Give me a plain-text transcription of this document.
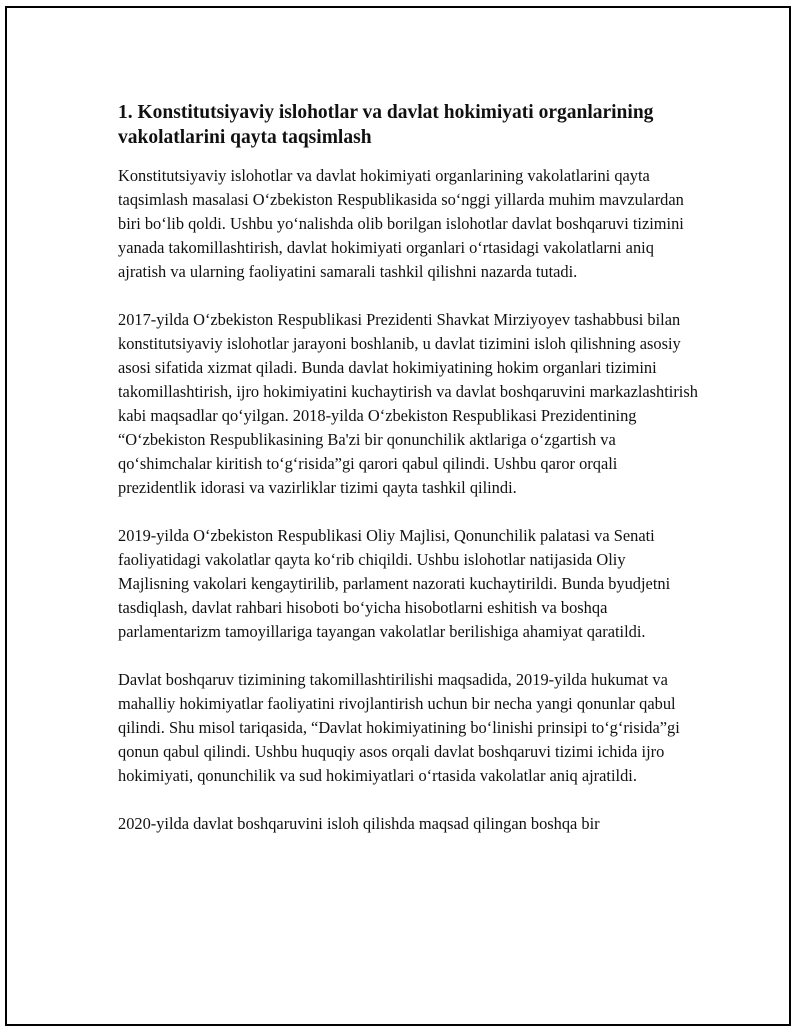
1. Konstitutsiyaviy islohotlar va davlat hokimiyati organlarining vakolatlarini qayta taqsimlash

Konstitutsiyaviy islohotlar va davlat hokimiyati organlarining vakolatlarini qayta taqsimlash masalasi O‘zbekiston Respublikasida so‘nggi yillarda muhim mavzulardan biri bo‘lib qoldi. Ushbu yo‘nalishda olib borilgan islohotlar davlat boshqaruvi tizimini yanada takomillashtirish, davlat hokimiyati organlari o‘rtasidagi vakolatlarni aniq ajratish va ularning faoliyatini samarali tashkil qilishni nazarda tutadi.

2017-yilda O‘zbekiston Respublikasi Prezidenti Shavkat Mirziyoyev tashabbusi bilan konstitutsiyaviy islohotlar jarayoni boshlanib, u davlat tizimini isloh qilishning asosiy asosi sifatida xizmat qiladi. Bunda davlat hokimiyatining hokim organlari tizimini takomillashtirish, ijro hokimiyatini kuchaytirish va davlat boshqaruvini markazlashtirish kabi maqsadlar qo‘yilgan. 2018-yilda O‘zbekiston Respublikasi Prezidentining “O‘zbekiston Respublikasining Ba'zi bir qonunchilik aktlariga o‘zgartish va qo‘shimchalar kiritish to‘g‘risida”gi qarori qabul qilindi. Ushbu qaror orqali prezidentlik idorasi va vazirliklar tizimi qayta tashkil qilindi.

2019-yilda O‘zbekiston Respublikasi Oliy Majlisi, Qonunchilik palatasi va Senati faoliyatidagi vakolatlar qayta ko‘rib chiqildi. Ushbu islohotlar natijasida Oliy Majlisning vakolari kengaytirilib, parlament nazorati kuchaytirildi. Bunda byudjetni tasdiqlash, davlat rahbari hisoboti bo‘yicha hisobotlarni eshitish va boshqa parlamentarizm tamoyillariga tayangan vakolatlar berilishiga ahamiyat qaratildi.

Davlat boshqaruv tizimining takomillashtirilishi maqsadida, 2019-yilda hukumat va mahalliy hokimiyatlar faoliyatini rivojlantirish uchun bir necha yangi qonunlar qabul qilindi. Shu misol tariqasida, “Davlat hokimiyatining bo‘linishi prinsipi to‘g‘risida”gi qonun qabul qilindi. Ushbu huquqiy asos orqali davlat boshqaruvi tizimi ichida ijro hokimiyati, qonunchilik va sud hokimiyatlari o‘rtasida vakolatlar aniq ajratildi.

2020-yilda davlat boshqaruvini isloh qilishda maqsad qilingan boshqa bir
